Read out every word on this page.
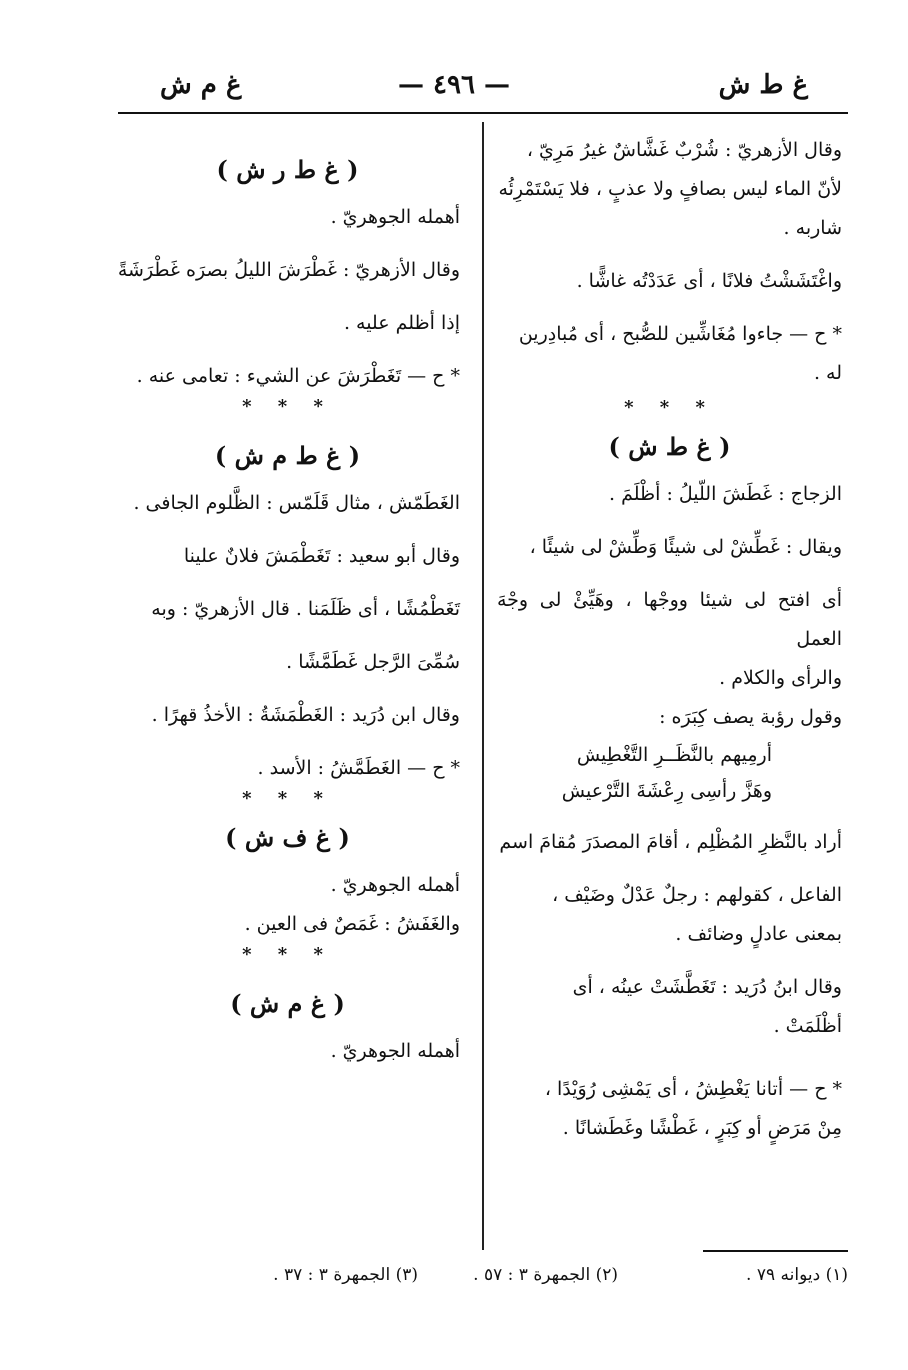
غ ط ش
— ٤٩٦ —
غ م ش

وقال الأزهريّ : شُرْبٌ غَشَّاشٌ غيرُ مَرِيّ ،

لأنّ الماء ليس بصافٍ ولا عذبٍ ، فلا يَسْتَمْرِئُه

شاربه .

واغْتَشَشْتُ فلانًا ، أى عَدَدْتُه غاشًّا .

* ح — جاءوا مُغَاشِّين للصُّبح ، أى مُبادِرين

له .

* * *

( غ ط ش )

الزجاج : غَطَشَ اللّيلُ : أظْلَمَ .

ويقال : غَطِّشْ لى شيئًا وَطِّشْ لى شيئًا ،

أى افتح لى شيئا ووجْها ، وهَيِّئْ لى وجْهَ العمل

والرأى والكلام .

وقول رؤبة يصف كِبَرَه :

أرمِيهم بالنَّظَــرِ التَّغْطِيش

وهَزَّ رأسِى رِعْشَةَ التَّرْعيش

أراد بالنَّظرِ المُظْلِم ، أقامَ المصدَرَ مُقامَ اسم

الفاعل ، كقولهم : رجلٌ عَدْلٌ وضَيْف ،

بمعنى عادلٍ وضائف .

وقال ابنُ دُرَيد : تَغَطَّشَتْ عينُه ، أى

أظْلَمَتْ .

* ح — أتانا يَغْطِشُ ، أى يَمْشِى رُوَيْدًا ،

مِنْ مَرَضٍ أو كِبَرٍ ، غَطْشًا وغَطَشانًا .

( غ ط ر ش )

أهمله الجوهريّ .

وقال الأزهريّ : غَطْرَشَ الليلُ بصرَه غَطْرَشَةً

إذا أظلم عليه .

* ح — تَغَطْرَشَ عن الشيء : تعامى عنه .

* * *

( غ ط م ش )

الغَطَمّش ، مثال قَلَمّس : الظَّلوم الجافى .

وقال أبو سعيد : تَغَطْمَشَ فلانٌ علينا

تَغَطْمُشًا ، أى ظَلَمَنا . قال الأزهريّ : وبه

سُمِّىَ الرَّجل غَطَمَّشًا .

وقال ابن دُرَيد : الغَطْمَشَةُ : الأخذُ قهرًا .

* ح — الغَطَمَّشُ : الأسد .

* * *

( غ ف ش )

أهمله الجوهريّ .

والغَفَشُ : غَمَصٌ فى العين .

* * *

( غ م ش )

أهمله الجوهريّ .

(١) ديوانه ٧٩ .
(٢) الجمهرة ٣ : ٥٧ .
(٣) الجمهرة ٣ : ٣٧ .
